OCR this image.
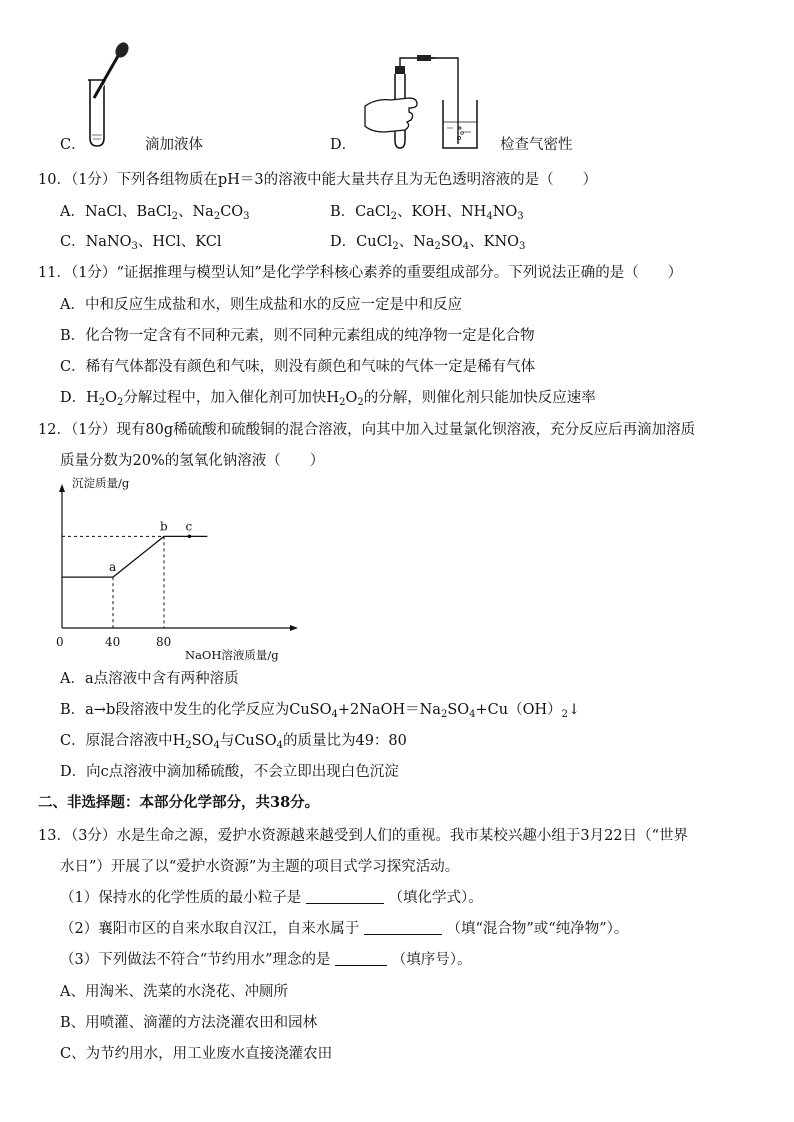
C．	滴加液体	D．	检查气密性
10．（1分）下列各组物质在pH＝3的溶液中能大量共存且为无色透明溶液的是（　　）
A．NaCl、BaCl$_2$、$Na_2CO_3$	B．CaCl$_2$、KOH、$NH_4NO_3$
C．NaNO$_3$、HCl、KCl	D．CuCl$_2$、$Na_2SO_4$、$KNO_3$
11．（1分）“证据推理与模型认知”是化学学科核心素养的重要组成部分。下列说法正确的是（　　）
A．中和反应生成盐和水，则生成盐和水的反应一定是中和反应
B．化合物一定含有不同种元素，则不同种元素组成的纯净物一定是化合物
C．稀有气体都没有颜色和气味，则没有颜色和气味的气体一定是稀有气体
D．$H_2O_2$分解过程中，加入催化剂可加快$H_2O_2$的分解，则催化剂只能加快反应速率
12．（1分）现有80g稀硫酸和硫酸铜的混合溶液，向其中加入过量氯化钡溶液，充分反应后再滴加溶质
质量分数为20%的氢氧化钠溶液（　　）
沉淀质量/g
NaOH溶液质量/g
a
b c
0	40	80
A．a点溶液中含有两种溶质
B．a→b段溶液中发生的化学反应为$CuSO_4+2NaOH=Na_2SO_4+Cu(OH)_2↓$
C．原混合溶液中$H_2SO_4$与CuSO$_4$的质量比为49：80
D．向c点溶液中滴加稀硫酸，不会立即出现白色沉淀
二、非选择题：本部分化学部分，共38分。
13．（3分）水是生命之源，爱护水资源越来越受到人们的重视。我市某校兴趣小组于3月22日（“世界
水日”）开展了以“爱护水资源”为主题的项目式学习探究活动。
（1）保持水的化学性质的最小粒子是	（填化学式）。
（2）襄阳市区的自来水取自汉江，自来水属于	（填“混合物”或“纯净物”）。
（3）下列做法不符合“节约用水”理念的是	（填序号）。
A、用淘米、洗菜的水浇花、冲厕所
B、用喷灌、滴灌的方法浇灌农田和园林
C、为节约用水，用工业废水直接浇灌农田
